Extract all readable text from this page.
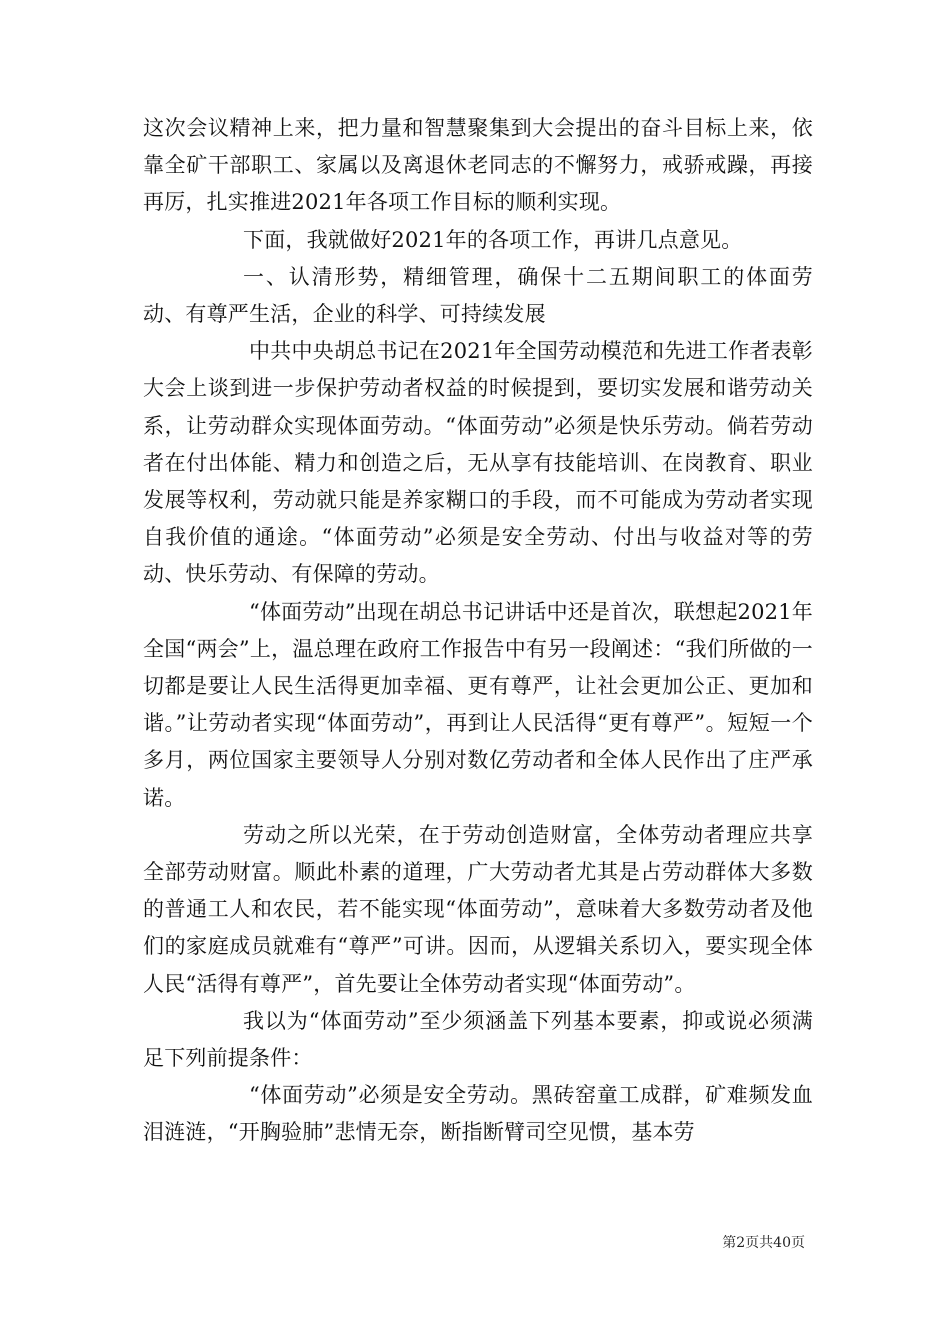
这次会议精神上来，把力量和智慧聚集到大会提出的奋斗目标上来，依靠全矿干部职工、家属以及离退休老同志的不懈努力，戒骄戒躁，再接再厉，扎实推进2021年各项工作目标的顺利实现。

下面，我就做好2021年的各项工作，再讲几点意见。

一、认清形势，精细管理，确保十二五期间职工的体面劳动、有尊严生活，企业的科学、可持续发展

中共中央胡总书记在2021年全国劳动模范和先进工作者表彰大会上谈到进一步保护劳动者权益的时候提到，要切实发展和谐劳动关系，让劳动群众实现体面劳动。“体面劳动”必须是快乐劳动。倘若劳动者在付出体能、精力和创造之后，无从享有技能培训、在岗教育、职业发展等权利，劳动就只能是养家糊口的手段，而不可能成为劳动者实现自我价值的通途。“体面劳动”必须是安全劳动、付出与收益对等的劳动、快乐劳动、有保障的劳动。

“体面劳动”出现在胡总书记讲话中还是首次，联想起2021年全国“两会”上，温总理在政府工作报告中有另一段阐述：“我们所做的一切都是要让人民生活得更加幸福、更有尊严，让社会更加公正、更加和谐。”让劳动者实现“体面劳动”，再到让人民活得“更有尊严”。短短一个多月，两位国家主要领导人分别对数亿劳动者和全体人民作出了庄严承诺。

劳动之所以光荣，在于劳动创造财富，全体劳动者理应共享全部劳动财富。顺此朴素的道理，广大劳动者尤其是占劳动群体大多数的普通工人和农民，若不能实现“体面劳动”，意味着大多数劳动者及他们的家庭成员就难有“尊严”可讲。因而，从逻辑关系切入，要实现全体人民“活得有尊严”，首先要让全体劳动者实现“体面劳动”。

我以为“体面劳动”至少须涵盖下列基本要素，抑或说必须满足下列前提条件：

“体面劳动”必须是安全劳动。黑砖窑童工成群，矿难频发血泪涟涟，“开胸验肺”悲情无奈，断指断臂司空见惯，基本劳

第2页共40页
